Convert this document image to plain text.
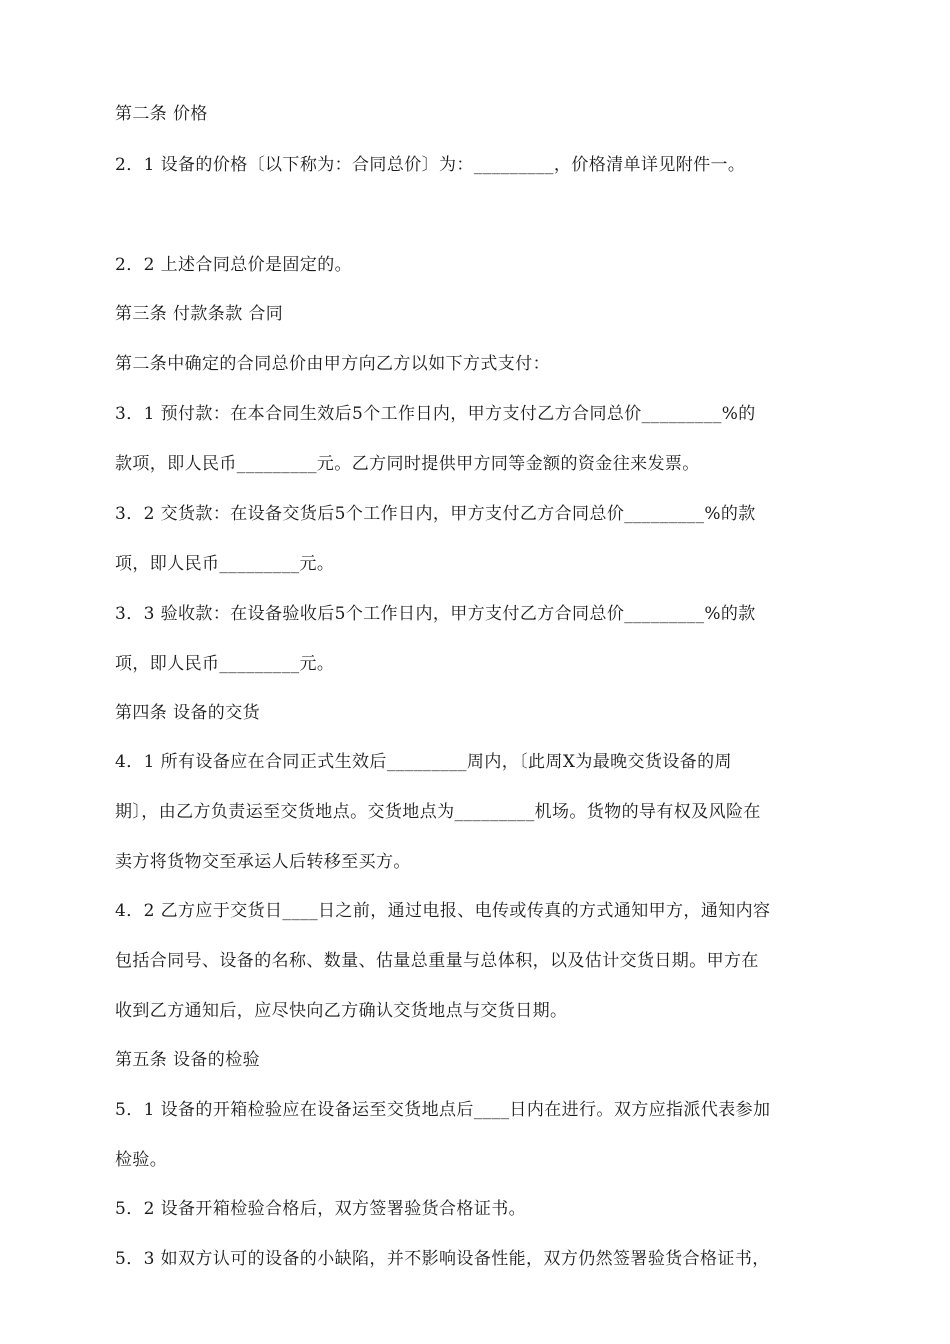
第二条 价格
2．1 设备的价格〔以下称为：合同总价〕为：_________，价格清单详见附件一。
2．2 上述合同总价是固定的。
第三条 付款条款 合同
第二条中确定的合同总价由甲方向乙方以如下方式支付：
3．1 预付款：在本合同生效后5个工作日内，甲方支付乙方合同总价_________%的
款项，即人民币_________元。乙方同时提供甲方同等金额的资金往来发票。
3．2 交货款：在设备交货后5个工作日内，甲方支付乙方合同总价_________%的款
项，即人民币_________元。
3．3 验收款：在设备验收后5个工作日内，甲方支付乙方合同总价_________%的款
项，即人民币_________元。
第四条 设备的交货
4．1 所有设备应在合同正式生效后_________周内，〔此周X为最晚交货设备的周
期〕，由乙方负责运至交货地点。交货地点为_________机场。货物的导有权及风险在
卖方将货物交至承运人后转移至买方。
4．2 乙方应于交货日____日之前，通过电报、电传或传真的方式通知甲方，通知内容
包括合同号、设备的名称、数量、估量总重量与总体积，以及估计交货日期。甲方在
收到乙方通知后，应尽快向乙方确认交货地点与交货日期。
第五条 设备的检验
5．1 设备的开箱检验应在设备运至交货地点后____日内在进行。双方应指派代表参加
检验。
5．2 设备开箱检验合格后，双方签署验货合格证书。
5．3 如双方认可的设备的小缺陷，并不影响设备性能，双方仍然签署验货合格证书，
